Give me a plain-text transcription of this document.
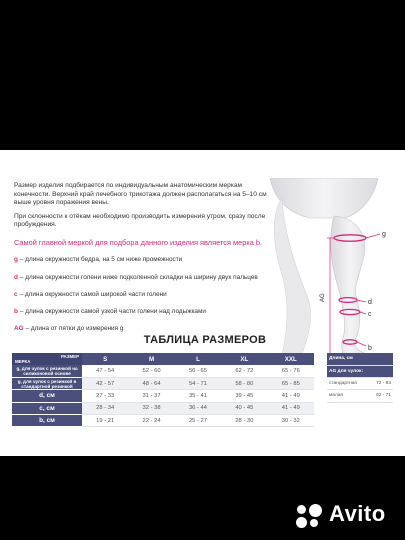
Размер изделия подбирается по индивидуальным анатомическим меркам конечности. Верхний край лечебного трикотажа должен располагаться на 5–10 см выше уровня поражения вены.

При склонности к отёкам необходимо производить измерения утром, сразу после пробуждения.

Самой главной меркой для подбора данного изделия является мерка b.
g – длина окружности бедра, на 5 см ниже промежности
d – длина окружности голени ниже подколенной складки на ширину двух пальцев
c – длина окружности самой широкой части голени
b – длина окружности самой узкой части голени над лодыжками
AG – длина от пятки до измерения g
g
d
c
b
AG
ТАБЛИЦА РАЗМЕРОВ
РАЗМЕР
МЕРКА	S	M	L	XL	XXL
g, для чулок с резинкой на силиконовой основе	47 - 54	52 - 60	56 - 65	62 - 72	65 - 76
g, для чулок с резинкой в стандартной резинкой	42 - 57	48 - 64	54 - 71	58 - 80	65 - 85
d, см	27 - 33	31 - 37	35 - 41	39 - 45	41 - 49
c, см	28 - 34	32 - 38	36 - 44	40 - 45	41 - 49
b, см	19 - 21	22 - 24	25 - 27	28 - 30	30 - 32
Длина, см	
AG для чулок:	
стандартная	72 - 83
малая	62 - 71
Avito
